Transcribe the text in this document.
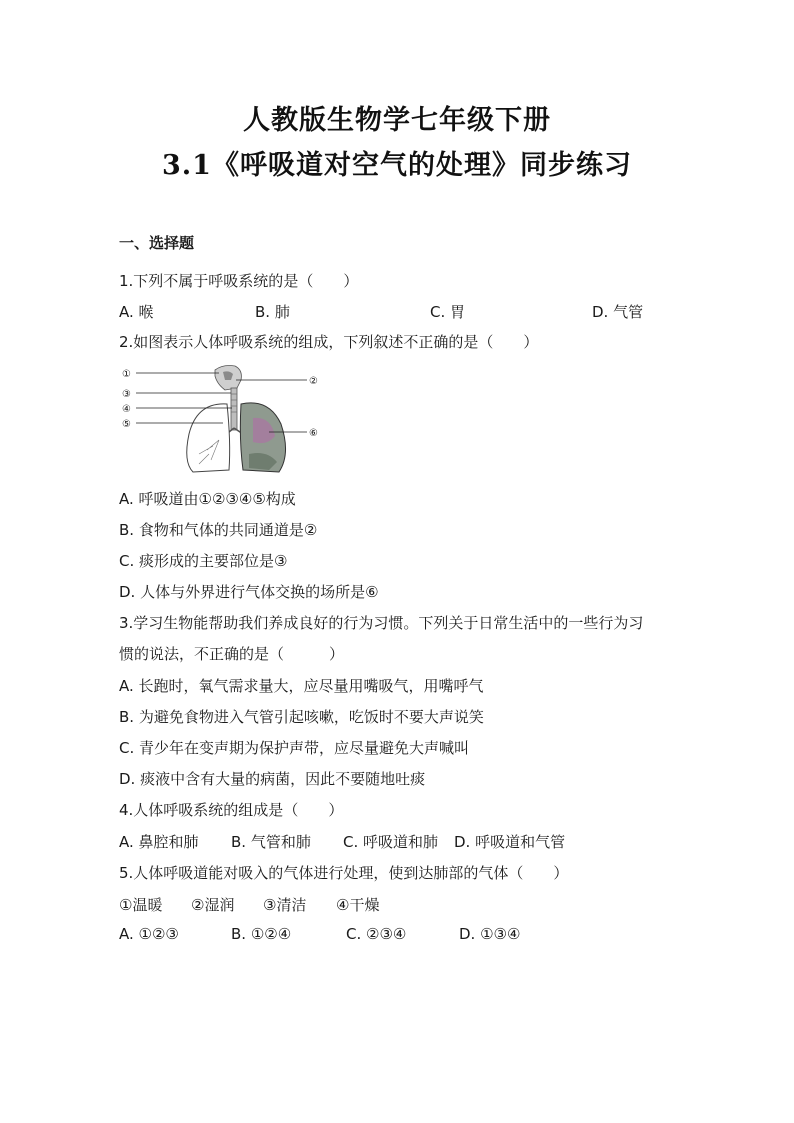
人教版生物学七年级下册
3.1《呼吸道对空气的处理》同步练习
一、选择题
1.下列不属于呼吸系统的是（　　）
A. 喉	B. 肺	C. 胃	D. 气管
2.如图表示人体呼吸系统的组成，下列叙述不正确的是（　　）
①
②
③
④
⑤
⑥
A. 呼吸道由①②③④⑤构成
B. 食物和气体的共同通道是②
C. 痰形成的主要部位是③
D. 人体与外界进行气体交换的场所是⑥
3.学习生物能帮助我们养成良好的行为习惯。下列关于日常生活中的一些行为习
惯的说法，不正确的是（　　　）
A. 长跑时，氧气需求量大，应尽量用嘴吸气，用嘴呼气
B. 为避免食物进入气管引起咳嗽，吃饭时不要大声说笑
C. 青少年在变声期为保护声带，应尽量避免大声喊叫
D. 痰液中含有大量的病菌，因此不要随地吐痰
4.人体呼吸系统的组成是（　　）
A. 鼻腔和肺 B. 气管和肺 C. 呼吸道和肺 D. 呼吸道和气管
5.人体呼吸道能对吸入的气体进行处理，使到达肺部的气体（　　）
①温暖 ②湿润 ③清洁 ④干燥
A. ①②③	B. ①②④	C. ②③④	D. ①③④
